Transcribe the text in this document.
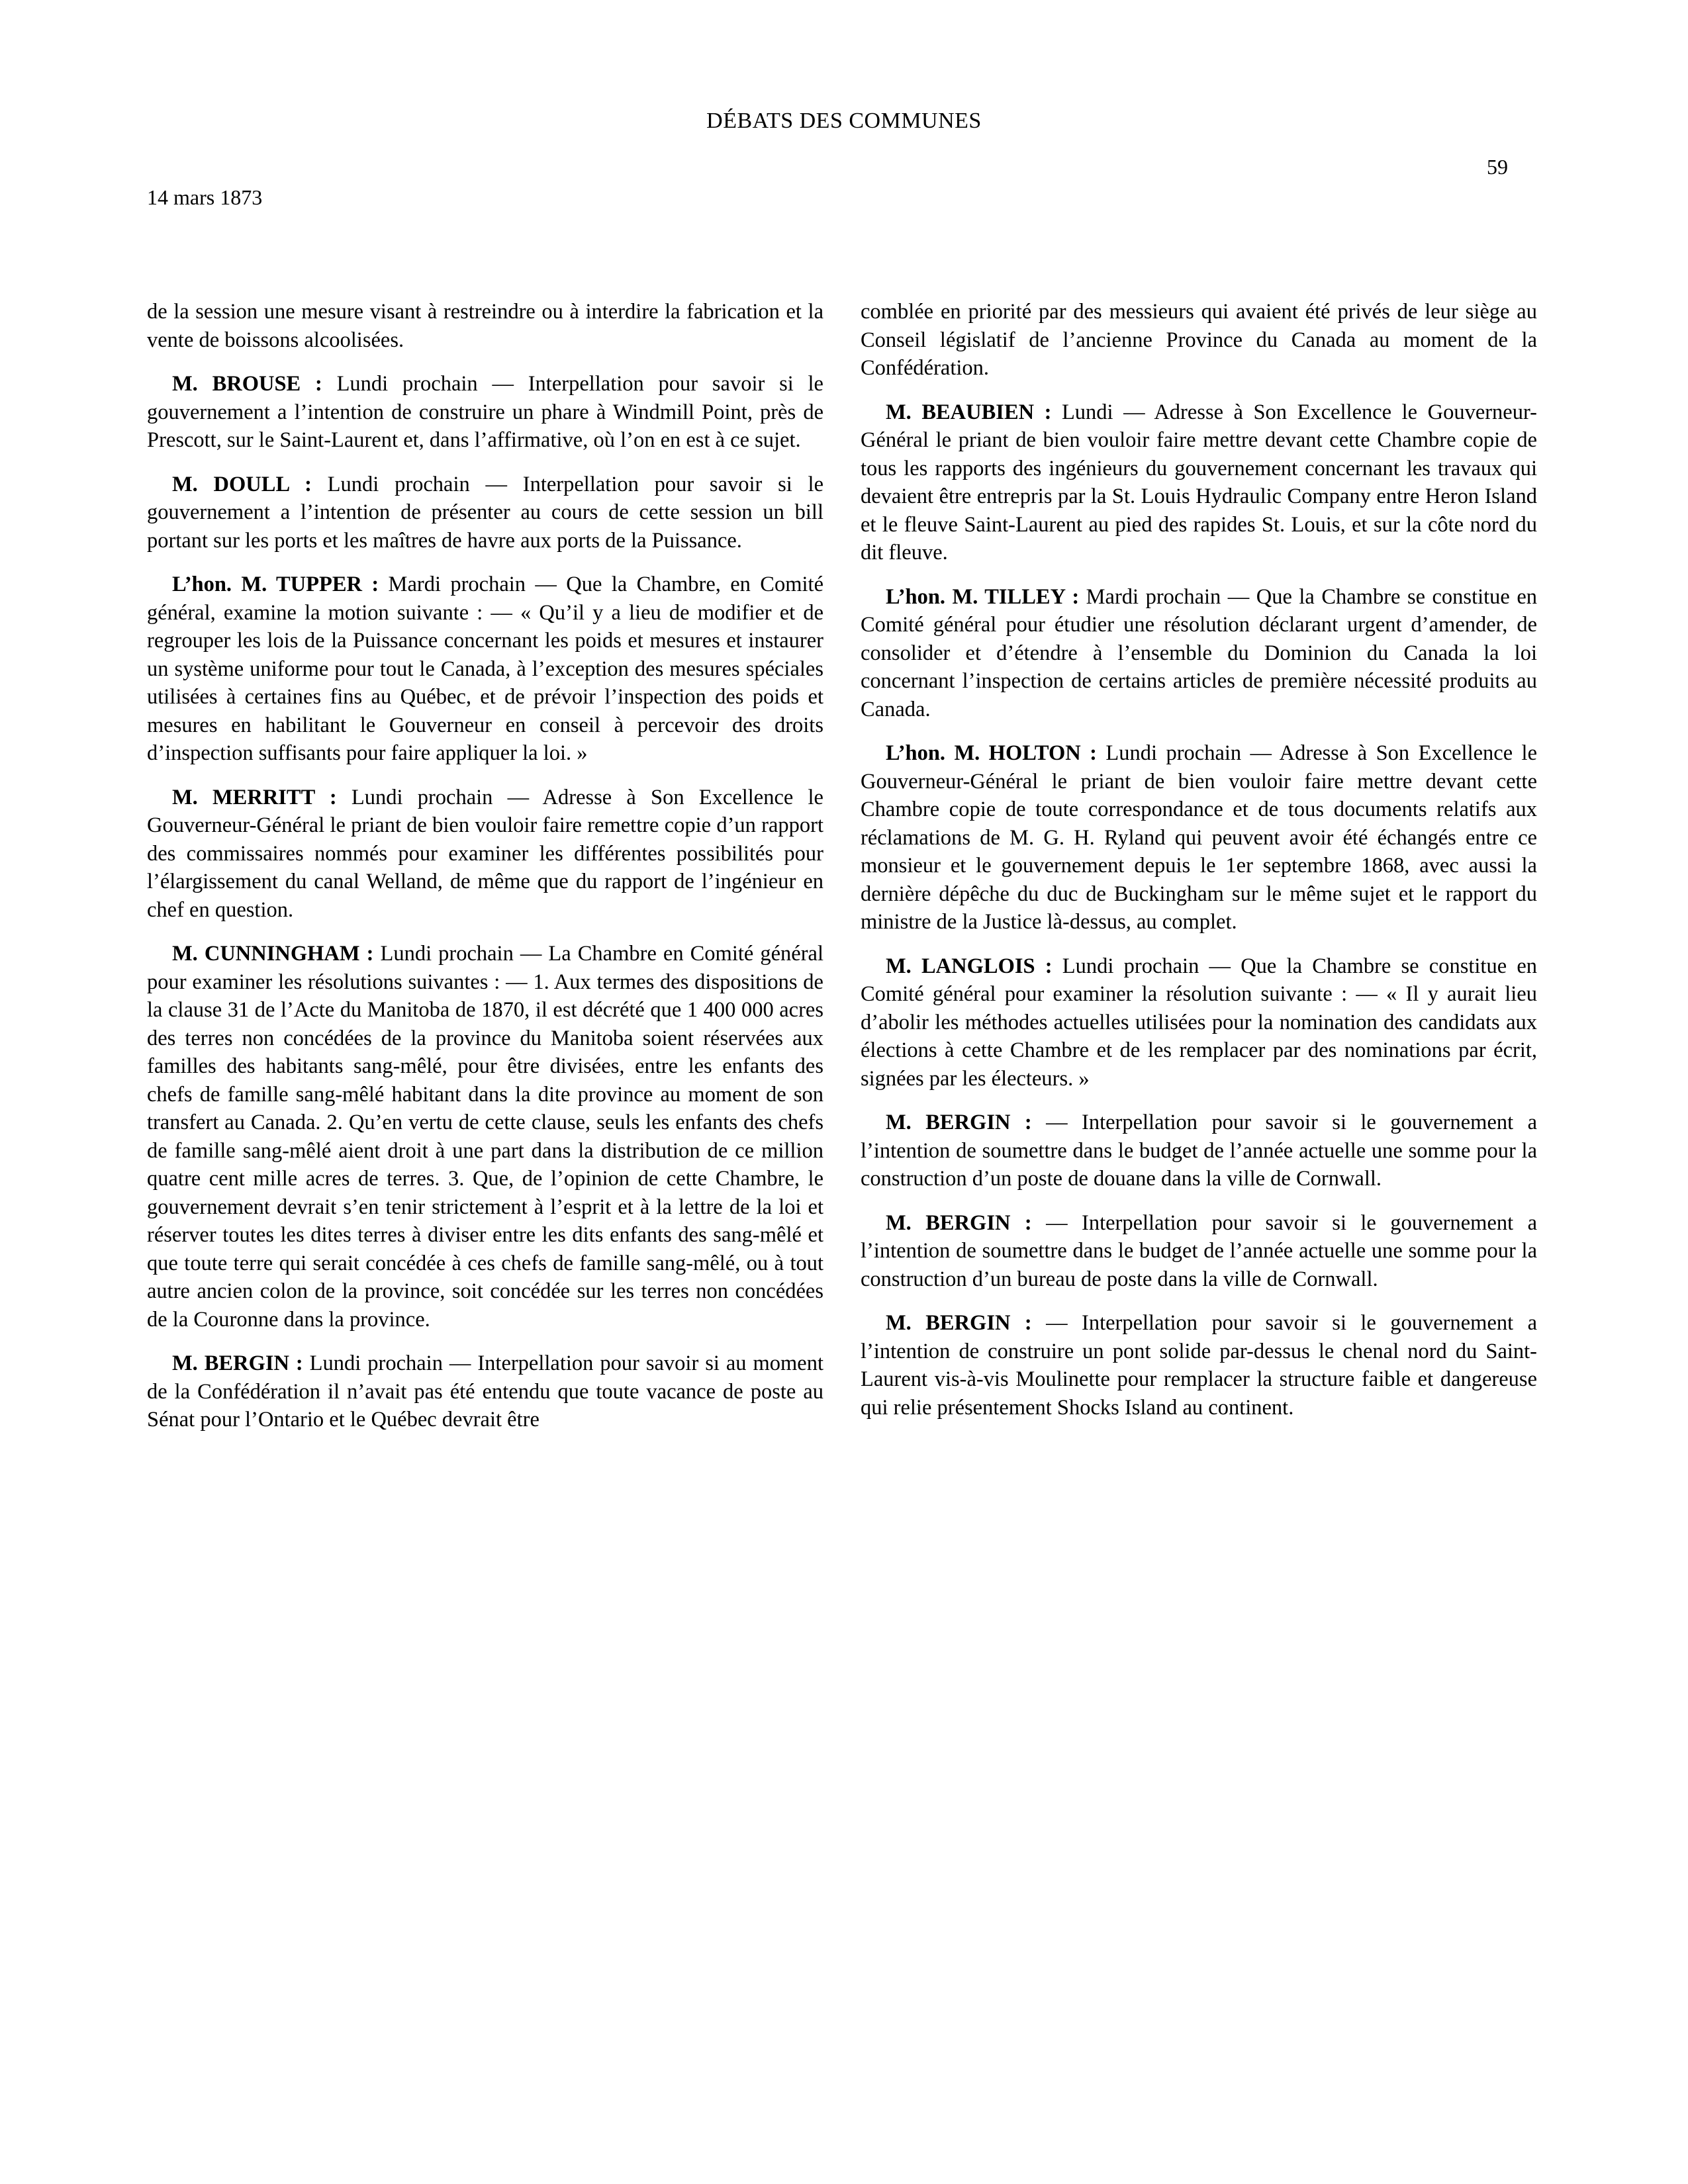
DÉBATS DES COMMUNES
59
14 mars 1873

de la session une mesure visant à restreindre ou à interdire la fabrication et la vente de boissons alcoolisées.

M. BROUSE : Lundi prochain — Interpellation pour savoir si le gouvernement a l’intention de construire un phare à Windmill Point, près de Prescott, sur le Saint-Laurent et, dans l’affirmative, où l’on en est à ce sujet.

M. DOULL : Lundi prochain — Interpellation pour savoir si le gouvernement a l’intention de présenter au cours de cette session un bill portant sur les ports et les maîtres de havre aux ports de la Puissance.

L’hon. M. TUPPER : Mardi prochain — Que la Chambre, en Comité général, examine la motion suivante : — « Qu’il y a lieu de modifier et de regrouper les lois de la Puissance concernant les poids et mesures et instaurer un système uniforme pour tout le Canada, à l’exception des mesures spéciales utilisées à certaines fins au Québec, et de prévoir l’inspection des poids et mesures en habilitant le Gouverneur en conseil à percevoir des droits d’inspection suffisants pour faire appliquer la loi. »

M. MERRITT : Lundi prochain — Adresse à Son Excellence le Gouverneur-Général le priant de bien vouloir faire remettre copie d’un rapport des commissaires nommés pour examiner les différentes possibilités pour l’élargissement du canal Welland, de même que du rapport de l’ingénieur en chef en question.

M. CUNNINGHAM : Lundi prochain — La Chambre en Comité général pour examiner les résolutions suivantes : — 1. Aux termes des dispositions de la clause 31 de l’Acte du Manitoba de 1870, il est décrété que 1 400 000 acres des terres non concédées de la province du Manitoba soient réservées aux familles des habitants sang-mêlé, pour être divisées, entre les enfants des chefs de famille sang-mêlé habitant dans la dite province au moment de son transfert au Canada. 2. Qu’en vertu de cette clause, seuls les enfants des chefs de famille sang-mêlé aient droit à une part dans la distribution de ce million quatre cent mille acres de terres. 3. Que, de l’opinion de cette Chambre, le gouvernement devrait s’en tenir strictement à l’esprit et à la lettre de la loi et réserver toutes les dites terres à diviser entre les dits enfants des sang-mêlé et que toute terre qui serait concédée à ces chefs de famille sang-mêlé, ou à tout autre ancien colon de la province, soit concédée sur les terres non concédées de la Couronne dans la province.

M. BERGIN : Lundi prochain — Interpellation pour savoir si au moment de la Confédération il n’avait pas été entendu que toute vacance de poste au Sénat pour l’Ontario et le Québec devrait être

comblée en priorité par des messieurs qui avaient été privés de leur siège au Conseil législatif de l’ancienne Province du Canada au moment de la Confédération.

M. BEAUBIEN : Lundi — Adresse à Son Excellence le Gouverneur-Général le priant de bien vouloir faire mettre devant cette Chambre copie de tous les rapports des ingénieurs du gouvernement concernant les travaux qui devaient être entrepris par la St. Louis Hydraulic Company entre Heron Island et le fleuve Saint-Laurent au pied des rapides St. Louis, et sur la côte nord du dit fleuve.

L’hon. M. TILLEY : Mardi prochain — Que la Chambre se constitue en Comité général pour étudier une résolution déclarant urgent d’amender, de consolider et d’étendre à l’ensemble du Dominion du Canada la loi concernant l’inspection de certains articles de première nécessité produits au Canada.

L’hon. M. HOLTON : Lundi prochain — Adresse à Son Excellence le Gouverneur-Général le priant de bien vouloir faire mettre devant cette Chambre copie de toute correspondance et de tous documents relatifs aux réclamations de M. G. H. Ryland qui peuvent avoir été échangés entre ce monsieur et le gouvernement depuis le 1er septembre 1868, avec aussi la dernière dépêche du duc de Buckingham sur le même sujet et le rapport du ministre de la Justice là-dessus, au complet.

M. LANGLOIS : Lundi prochain — Que la Chambre se constitue en Comité général pour examiner la résolution suivante : — « Il y aurait lieu d’abolir les méthodes actuelles utilisées pour la nomination des candidats aux élections à cette Chambre et de les remplacer par des nominations par écrit, signées par les électeurs. »

M. BERGIN : — Interpellation pour savoir si le gouvernement a l’intention de soumettre dans le budget de l’année actuelle une somme pour la construction d’un poste de douane dans la ville de Cornwall.

M. BERGIN : — Interpellation pour savoir si le gouvernement a l’intention de soumettre dans le budget de l’année actuelle une somme pour la construction d’un bureau de poste dans la ville de Cornwall.

M. BERGIN : — Interpellation pour savoir si le gouvernement a l’intention de construire un pont solide par-dessus le chenal nord du Saint-Laurent vis-à-vis Moulinette pour remplacer la structure faible et dangereuse qui relie présentement Shocks Island au continent.
